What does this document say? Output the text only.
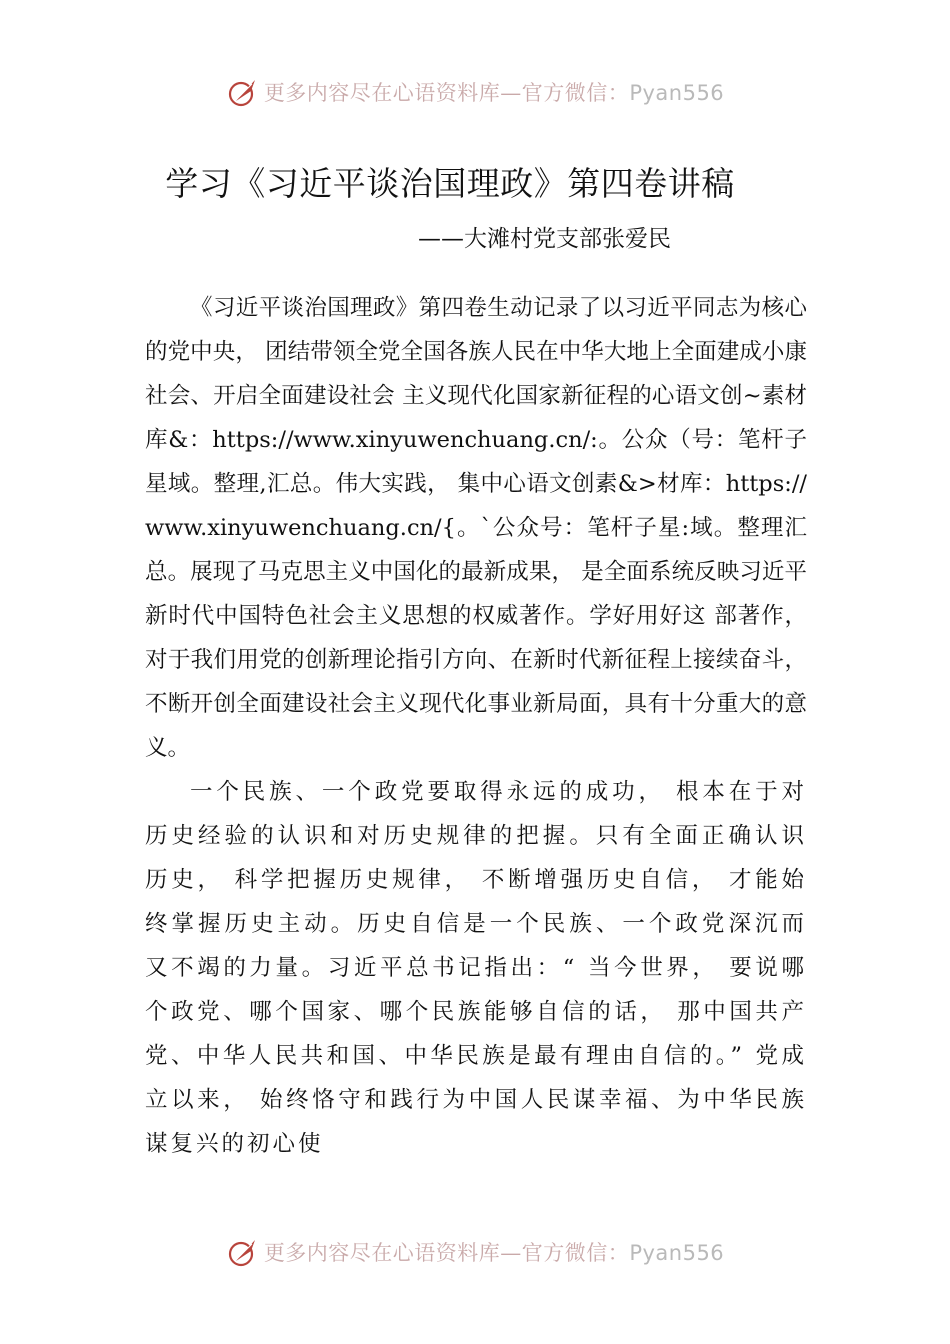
更多内容尽在心语资料库—官方微信：Pyan556
学习《习近平谈治国理政》第四卷讲稿
——大滩村党支部张爱民

《习近平谈治国理政》第四卷生动记录了以习近平同志为核心的党中央， 团结带领全党全国各族人民在中华大地上全面建成小康社会、开启全面建设社会 主义现代化国家新征程的心语文创~素材库&：https://www.xinyuwenchuang.cn/:。公众（号：笔杆子星域。整理,汇总。伟大实践， 集中心语文创素&>材库：https://www.xinyuwenchuang.cn/{。`公众号：笔杆子星:域。整理汇总。展现了马克思主义中国化的最新成果， 是全面系统反映习近平新时代中国特色社会主义思想的权威著作。学好用好这 部著作， 对于我们用党的创新理论指引方向、在新时代新征程上接续奋斗， 不断开创全面建设社会主义现代化事业新局面，具有十分重大的意义。

一个民族、一个政党要取得永远的成功， 根本在于对历史经验的认识和对历史规律的把握。只有全面正确认识历史， 科学把握历史规律， 不断增强历史自信， 才能始终掌握历史主动。历史自信是一个民族、一个政党深沉而又不竭的力量。习近平总书记指出：“ 当今世界， 要说哪个政党、哪个国家、哪个民族能够自信的话， 那中国共产党、中华人民共和国、中华民族是最有理由自信的。” 党成立以来， 始终恪守和践行为中国人民谋幸福、为中华民族谋复兴的初心使

更多内容尽在心语资料库—官方微信：Pyan556
